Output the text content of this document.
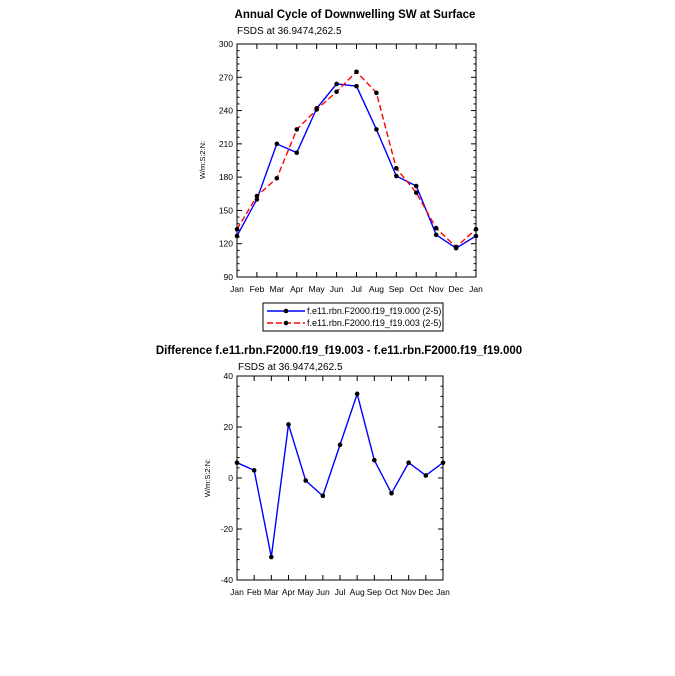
Annual Cycle of Downwelling SW at Surface
FSDS at 36.9474,262.5
W/m:S:2:N:
90
120
150
180
210
240
270
300
Jan Feb Mar Apr May Jun Jul Aug Sep Oct Nov Dec Jan
f.e11.rbn.F2000.f19_f19.000 (2-5)
f.e11.rbn.F2000.f19_f19.003 (2-5)
Difference f.e11.rbn.F2000.f19_f19.003 - f.e11.rbn.F2000.f19_f19.000
FSDS at 36.9474,262.5
W/m:S:2:N:
-40
-20
0
20
40
Jan Feb Mar Apr May Jun Jul Aug Sep Oct Nov Dec Jan
